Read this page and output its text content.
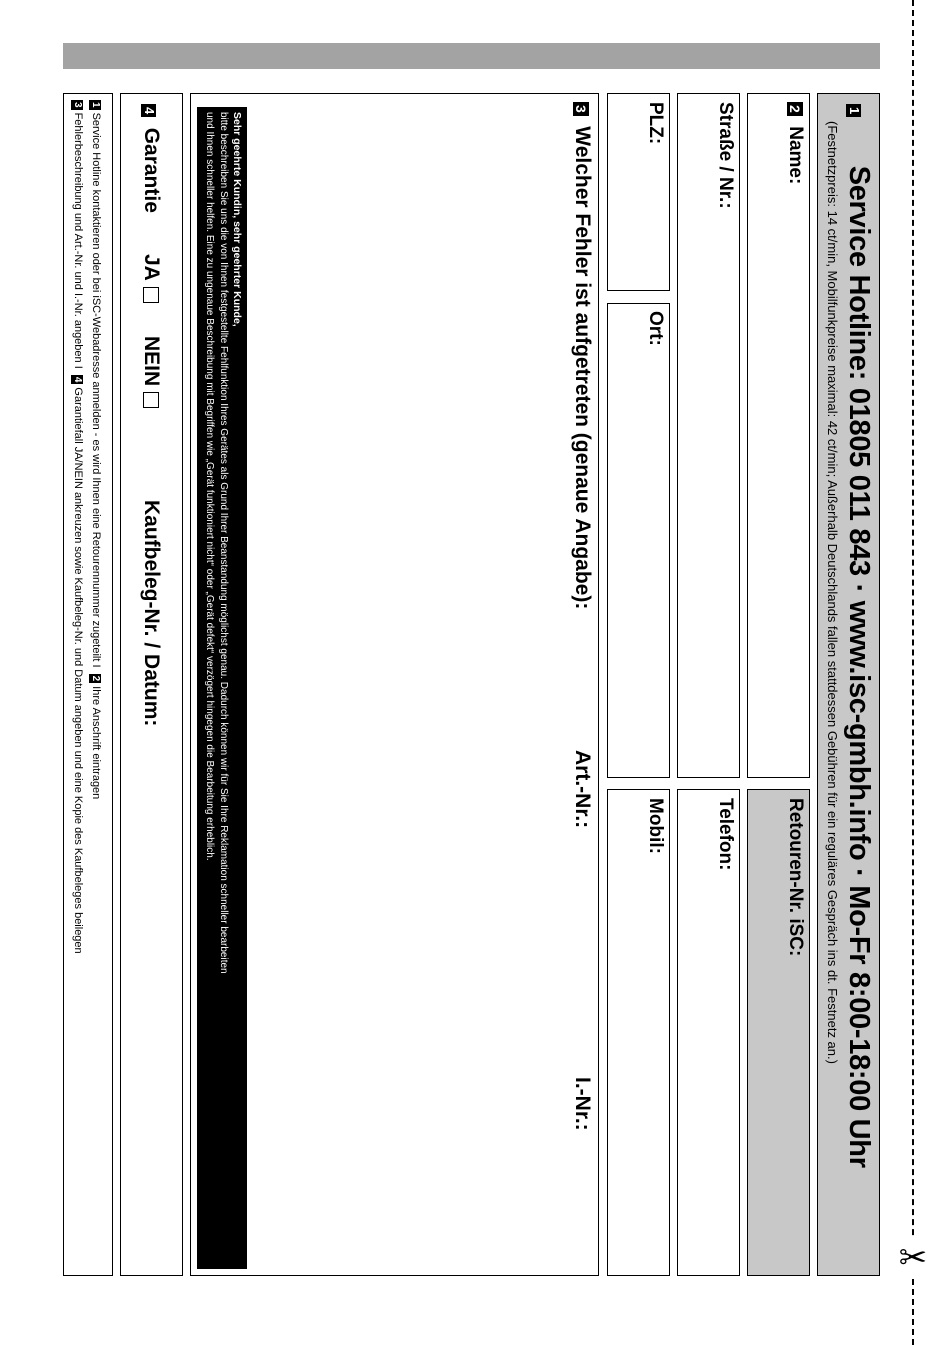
✂
1 Service Hotline: 01805 011 843 · www.isc-gmbh.info · Mo-Fr 8:00-18:00 Uhr
(Festnetzpreis: 14 ct/min, Mobilfunkpreise maximal: 42 ct/min; Außerhalb Deutschlands fallen stattdessen Gebühren für ein reguläres Gespräch ins dt. Festnetz an.)
2 Name:
Retouren-Nr. iSC:
Straße / Nr.:
Telefon:
PLZ:
Ort:
Mobil:
3 Welcher Fehler ist aufgetreten (genaue Angabe):
Art.-Nr.:
I.-Nr.:
Sehr geehrte Kundin, sehr geehrter Kunde,
bitte beschreiben Sie uns die von Ihnen festgestellte Fehlfunktion Ihres Gerätes als Grund Ihrer Beanstandung möglichst genau. Dadurch können wir für Sie Ihre Reklamation schneller bearbeiten
und Ihnen schneller helfen. Eine zu ungenaue Beschreibung mit Begriffen wie „Gerät funktioniert nicht“ oder „Gerät defekt“ verzögert hingegen die Bearbeitung erheblich.
4 Garantie
JA
NEIN
Kaufbeleg-Nr. / Datum:
1Service Hotline kontaktieren oder bei iSC-Webadresse anmelden - es wird Ihnen eine Retourennummer zugeteilt I 2Ihre Anschrift eintragen
3Fehlerbeschreibung und Art.-Nr. und I.-Nr. angeben I 4Garantiefall JA/NEIN ankreuzen sowie Kaufbeleg-Nr. und Datum angeben und eine Kopie des Kaufbeleges beilegen
